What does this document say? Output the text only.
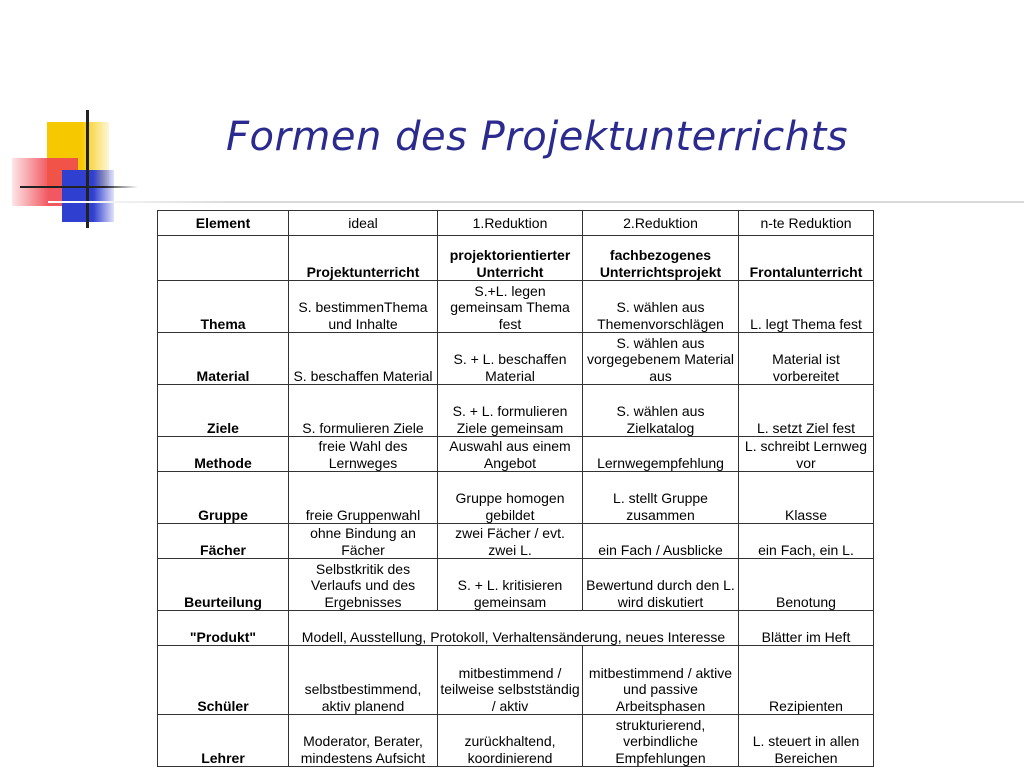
Formen des Projektunterrichts
Element	ideal	1.Reduktion	2.Reduktion	n-te Reduktion
	Projektunterricht	projektorientierter Unterricht	fachbezogenes Unterrichtsprojekt	Frontalunterricht
Thema	S. bestimmenThema und Inhalte	S.+L. legen gemeinsam Thema fest	S. wählen aus Themenvorschlägen	L. legt Thema fest
Material	S. beschaffen Material	S. + L. beschaffen Material	S. wählen aus vorgegebenem Material aus	Material ist vorbereitet
Ziele	S. formulieren Ziele	S. + L. formulieren Ziele gemeinsam	S. wählen aus Zielkatalog	L. setzt Ziel fest
Methode	freie Wahl des Lernweges	Auswahl aus einem Angebot	Lernwegempfehlung	L. schreibt Lernweg vor
Gruppe	freie Gruppenwahl	Gruppe homogen gebildet	L. stellt Gruppe zusammen	Klasse
Fächer	ohne Bindung an Fächer	zwei Fächer / evt. zwei L.	ein Fach / Ausblicke	ein Fach, ein L.
Beurteilung	Selbstkritik des Verlaufs und des Ergebnisses	S. + L. kritisieren gemeinsam	Bewertund durch den L. wird diskutiert	Benotung
"Produkt"	Modell, Ausstellung, Protokoll, Verhaltensänderung, neues Interesse			Blätter im Heft
Schüler	selbstbestimmend, aktiv planend	mitbestimmend / teilweise selbstständig / aktiv	mitbestimmend / aktive und passive Arbeitsphasen	Rezipienten
Lehrer	Moderator, Berater, mindestens Aufsicht	zurückhaltend, koordinierend	strukturierend, verbindliche Empfehlungen	L. steuert in allen Bereichen
